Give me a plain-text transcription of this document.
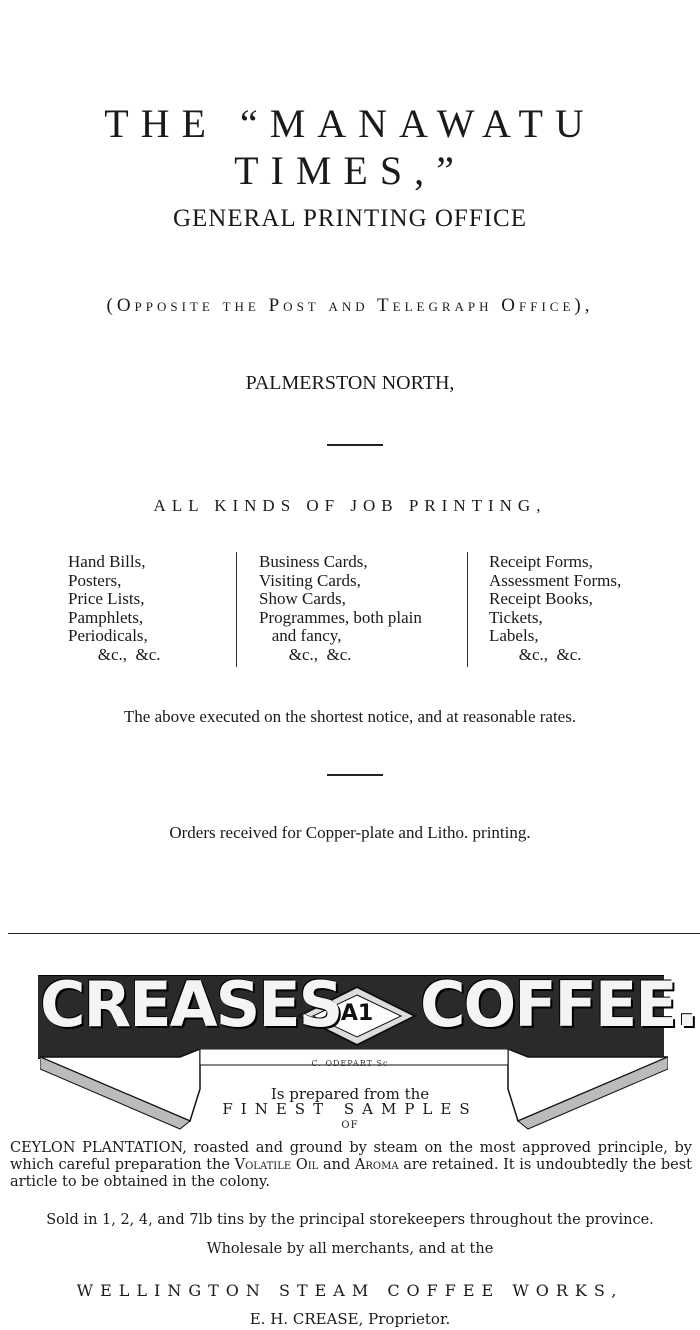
THE “MANAWATU TIMES,”
GENERAL PRINTING OFFICE
(Opposite the Post and Telegraph Office),
PALMERSTON NORTH,
ALL KINDS OF JOB PRINTING,
Hand Bills,
Posters,
Price Lists,
Pamphlets,
Periodicals,
&c.,  &c.
Business Cards,
Visiting Cards,
Show Cards,
Programmes, both plain
and fancy,
&c.,  &c.
Receipt Forms,
Assessment Forms,
Receipt Books,
Tickets,
Labels,
&c.,  &c.
The above executed on the shortest notice, and at reasonable rates.
Orders received for Copper-plate and Litho. printing.
A1
CREASES COFFEE.
C. ODEPART Sc
Is prepared from the
FINEST SAMPLES
OF
CEYLON PLANTATION, roasted and ground by steam on the most approved principle, by which careful preparation the Volatile Oil and Aroma are retained. It is undoubtedly the best article to be obtained in the colony.
Sold in 1, 2, 4, and 7lb tins by the principal storekeepers throughout the province.
Wholesale by all merchants, and at the
WELLINGTON STEAM COFFEE WORKS,
E. H. CREASE, Proprietor.
